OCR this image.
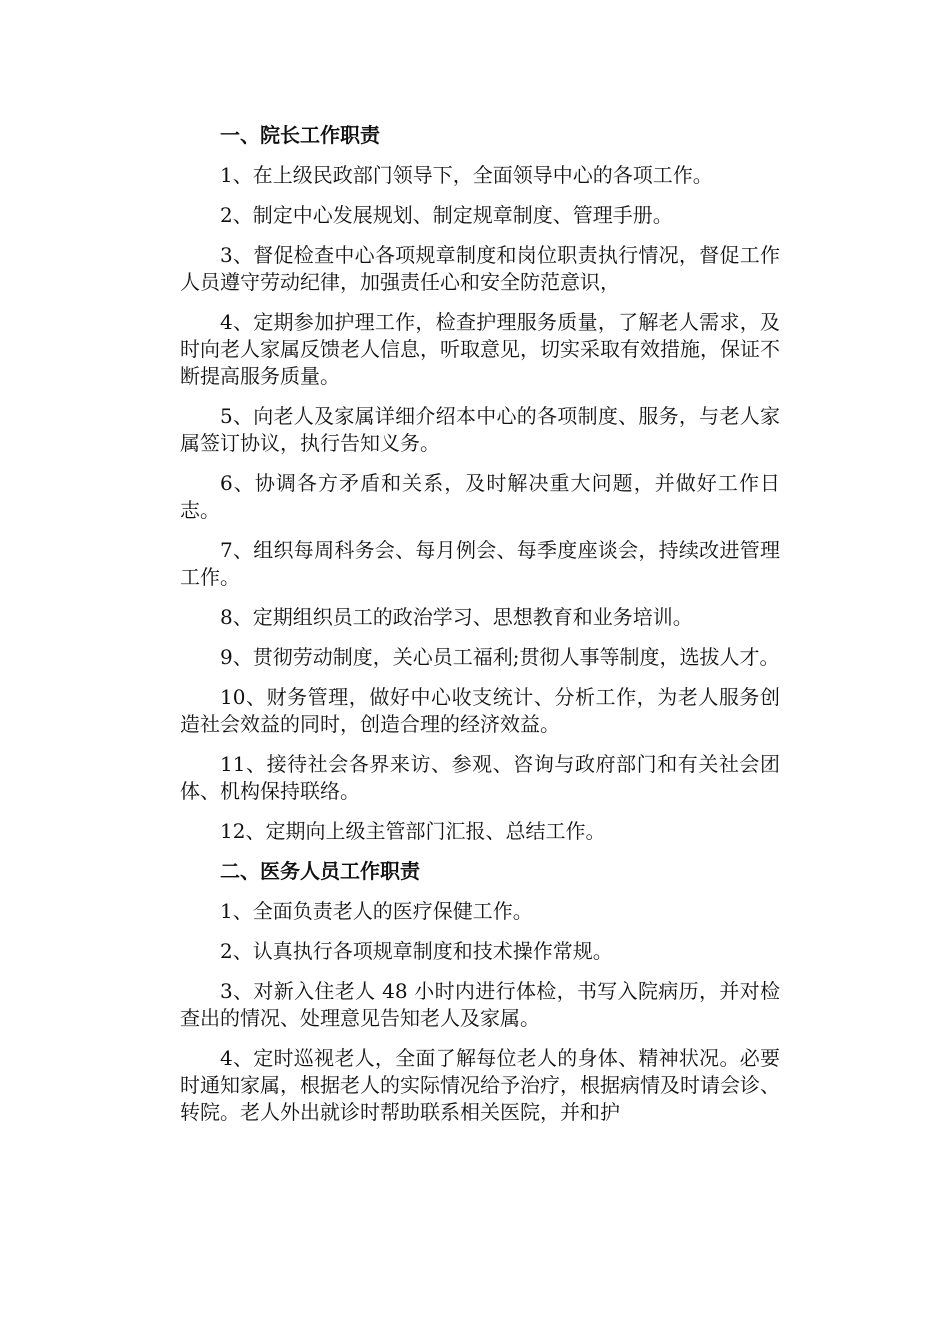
一、院长工作职责

1、在上级民政部门领导下，全面领导中心的各项工作。

2、制定中心发展规划、制定规章制度、管理手册。

3、督促检查中心各项规章制度和岗位职责执行情况，督促工作人员遵守劳动纪律，加强责任心和安全防范意识，

4、定期参加护理工作，检查护理服务质量，了解老人需求，及时向老人家属反馈老人信息，听取意见，切实采取有效措施，保证不断提高服务质量。

5、向老人及家属详细介绍本中心的各项制度、服务，与老人家属签订协议，执行告知义务。

6、协调各方矛盾和关系，及时解决重大问题，并做好工作日志。

7、组织每周科务会、每月例会、每季度座谈会，持续改进管理工作。

8、定期组织员工的政治学习、思想教育和业务培训。

9、贯彻劳动制度，关心员工福利;贯彻人事等制度，选拔人才。

10、财务管理，做好中心收支统计、分析工作，为老人服务创造社会效益的同时，创造合理的经济效益。

11、接待社会各界来访、参观、咨询与政府部门和有关社会团体、机构保持联络。

12、定期向上级主管部门汇报、总结工作。

二、医务人员工作职责

1、全面负责老人的医疗保健工作。

2、认真执行各项规章制度和技术操作常规。

3、对新入住老人 48 小时内进行体检，书写入院病历，并对检查出的情况、处理意见告知老人及家属。

4、定时巡视老人，全面了解每位老人的身体、精神状况。必要时通知家属，根据老人的实际情况给予治疗，根据病情及时请会诊、转院。老人外出就诊时帮助联系相关医院，并和护
